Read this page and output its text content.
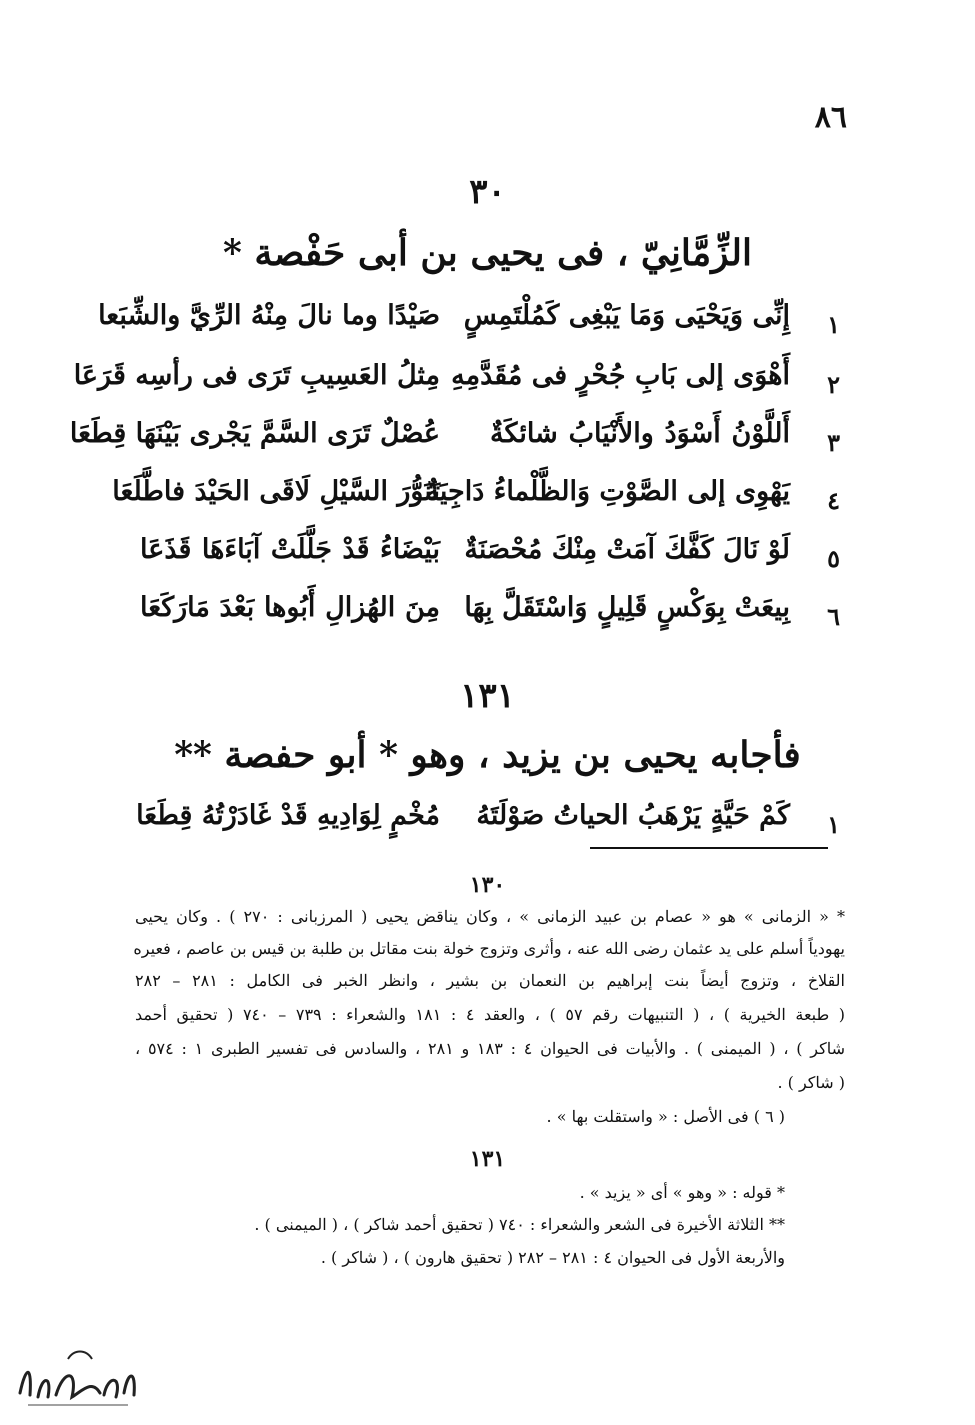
٨٦
٣٠
الزِّمَّانِيّ ، فى يحيى بن أبى حَفْصة *
١
إِنِّى وَيَحْيَى وَمَا يَبْغِى كَمُلْتَمِسٍ
صَيْدًا وما نالَ مِنْهُ الرِّيَّ والشِّبَعا
٢
أَهْوَى إلى بَابِ جُحْرٍ فى مُقَدَّمِهِ
مِثلُ العَسِيبِ تَرَى فى رأسِه قَرَعَا
٣
أَللَّوْنُ أَسْوَدُ والأَنْيَابُ شائكَةٌ
عُصْلٌ تَرَى السَّمَّ يَجْرى بَيْنَهَا قِطَعَا
٤
يَهْوِى إلى الصَّوْتِ وَالظَّلْماءُ دَاجِيَةٌ
تَنَوُّرَ السَّيْلِ لَاقَى الحَيْدَ فاطَّلَعَا
٥
لَوْ نَالَ كَفَّكَ آمَتْ مِنْكَ مُحْصَنَةٌ
بَيْضَاءُ قَدْ جَلَّلَتْ آبَاءَهَا قَذَعَا
٦
بِيعَتْ بِوَكْسٍ قَلِيلٍ وَاسْتَقَلَّ بِهَا
مِنَ الهُزالِ أَبُوها بَعْدَ مَارَكَعَا
١٣١
فأجابه يحيى بن يزيد ، وهو * أبو حفصة **
١
كَمْ حَيَّةٍ يَرْهَبُ الحياتُ صَوْلَتَهُ
مُخْمٍ لِوَادِيهِ قَدْ غَادَرْتُهُ قِطَعَا
١٣٠
* « الزمانى » هو « عصام بن عبيد الزمانى » ، وكان يناقض يحيى ( المرزبانى : ٢٧٠ ) . وكان يحيى
يهودياً أسلم على يد عثمان رضى الله عنه ، وأثرى وتزوج خولة بنت مقاتل بن طلبة بن قيس بن عاصم ، فعيره
القلاخ ، وتزوج أيضاً بنت إبراهيم بن النعمان بن بشير ، وانظر الخبر فى الكامل : ٢٨١ – ٢٨٢
( طبعة الخيرية ) ، ( التنبيهات رقم ٥٧ ) ، والعقد ٤ : ١٨١ والشعراء : ٧٣٩ – ٧٤٠ ( تحقيق أحمد
شاكر ) ، ( الميمنى ) . والأبيات فى الحيوان ٤ : ١٨٣ و ٢٨١ ، والسادس فى تفسير الطبرى ١ : ٥٧٤ ،
( شاكر ) .
( ٦ ) فى الأصل : « واستقلت بها » .
١٣١
* قوله : « وهو » أى « يزيد » .
** الثلاثة الأخيرة فى الشعر والشعراء : ٧٤٠ ( تحقيق أحمد شاكر ) ، ( الميمنى ) .
والأربعة الأول فى الحيوان ٤ : ٢٨١ – ٢٨٢ ( تحقيق هارون ) ، ( شاكر ) .
